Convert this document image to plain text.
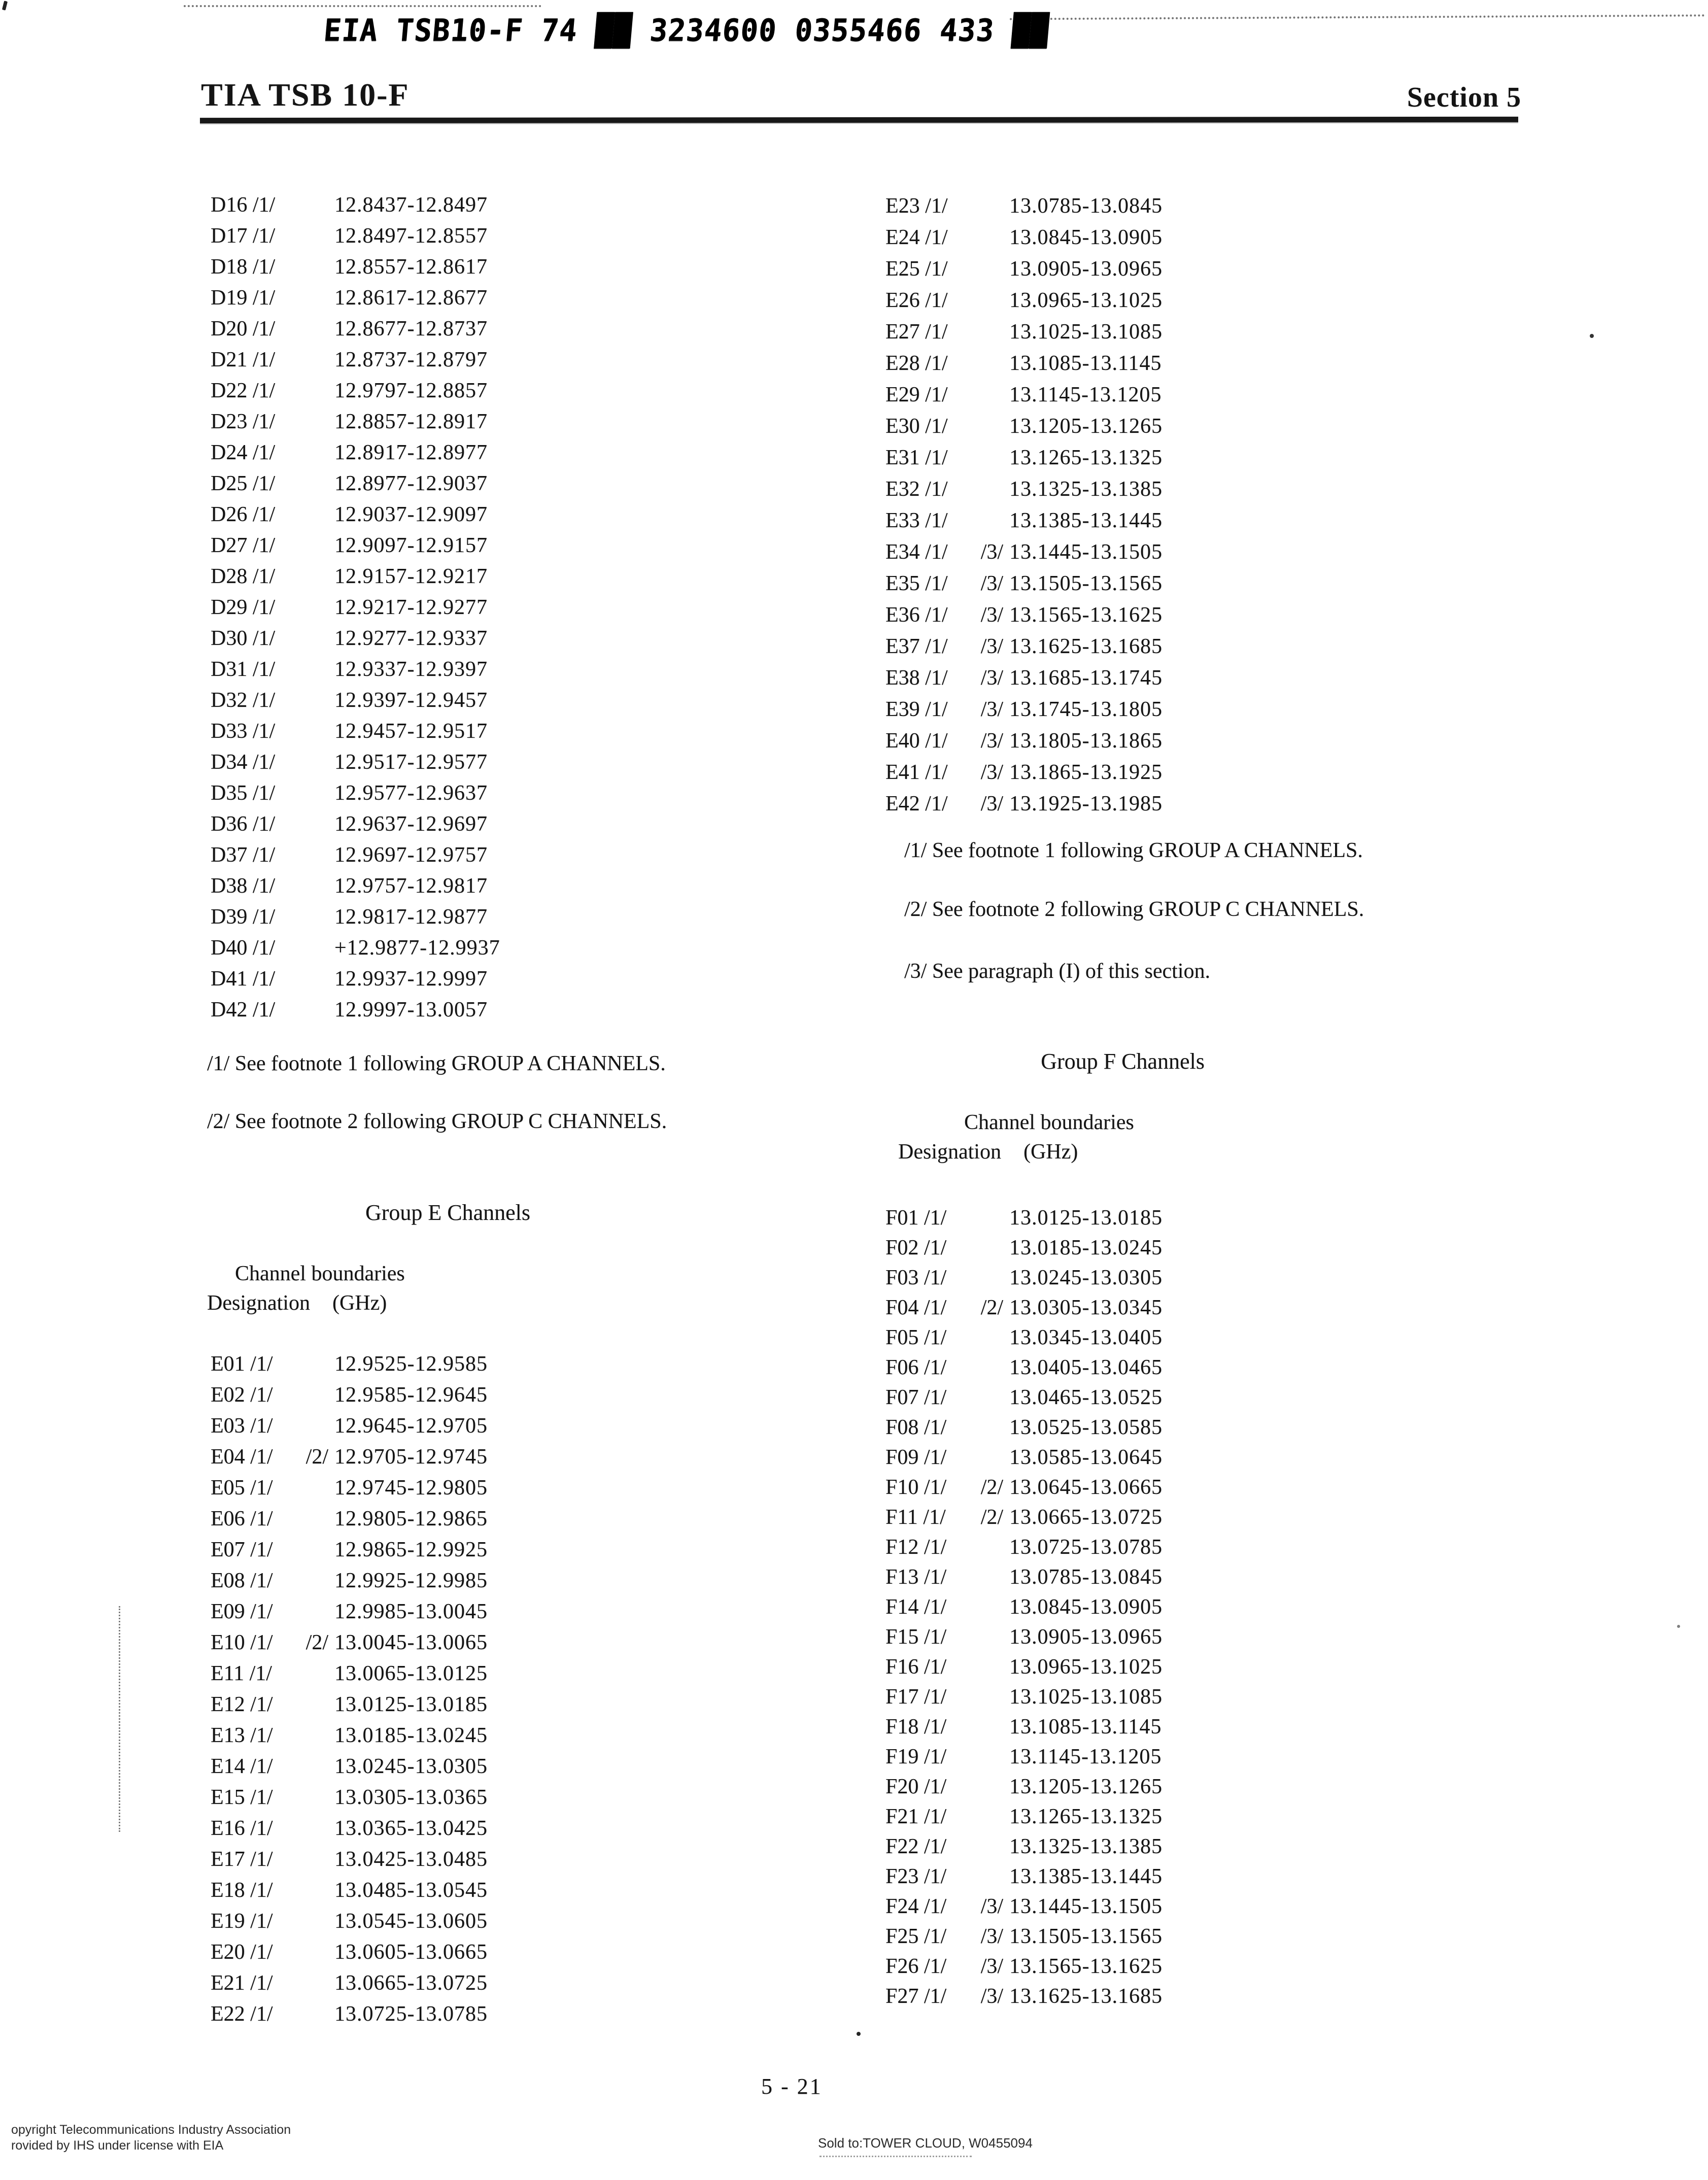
EIA TSB10-F 74 ██ 3234600 0355466 433 ██
TIA TSB 10-F	Section 5
D16 /1/	12.8437-12.8497
D17 /1/	12.8497-12.8557
D18 /1/	12.8557-12.8617
D19 /1/	12.8617-12.8677
D20 /1/	12.8677-12.8737
D21 /1/	12.8737-12.8797
D22 /1/	12.9797-12.8857
D23 /1/	12.8857-12.8917
D24 /1/	12.8917-12.8977
D25 /1/	12.8977-12.9037
D26 /1/	12.9037-12.9097
D27 /1/	12.9097-12.9157
D28 /1/	12.9157-12.9217
D29 /1/	12.9217-12.9277
D30 /1/	12.9277-12.9337
D31 /1/	12.9337-12.9397
D32 /1/	12.9397-12.9457
D33 /1/	12.9457-12.9517
D34 /1/	12.9517-12.9577
D35 /1/	12.9577-12.9637
D36 /1/	12.9637-12.9697
D37 /1/	12.9697-12.9757
D38 /1/	12.9757-12.9817
D39 /1/	12.9817-12.9877
D40 /1/	+12.9877-12.9937
D41 /1/	12.9937-12.9997
D42 /1/	12.9997-13.0057
/1/ See footnote 1 following GROUP A CHANNELS.
/2/ See footnote 2 following GROUP C CHANNELS.
Group E Channels
Channel boundaries
Designation (GHz)
E01 /1/	12.9525-12.9585
E02 /1/	12.9585-12.9645
E03 /1/	12.9645-12.9705
E04 /1/	/2/ 12.9705-12.9745
E05 /1/	12.9745-12.9805
E06 /1/	12.9805-12.9865
E07 /1/	12.9865-12.9925
E08 /1/	12.9925-12.9985
E09 /1/	12.9985-13.0045
E10 /1/	/2/ 13.0045-13.0065
E11 /1/	13.0065-13.0125
E12 /1/	13.0125-13.0185
E13 /1/	13.0185-13.0245
E14 /1/	13.0245-13.0305
E15 /1/	13.0305-13.0365
E16 /1/	13.0365-13.0425
E17 /1/	13.0425-13.0485
E18 /1/	13.0485-13.0545
E19 /1/	13.0545-13.0605
E20 /1/	13.0605-13.0665
E21 /1/	13.0665-13.0725
E22 /1/	13.0725-13.0785
E23 /1/	13.0785-13.0845
E24 /1/	13.0845-13.0905
E25 /1/	13.0905-13.0965
E26 /1/	13.0965-13.1025
E27 /1/	13.1025-13.1085
E28 /1/	13.1085-13.1145
E29 /1/	13.1145-13.1205
E30 /1/	13.1205-13.1265
E31 /1/	13.1265-13.1325
E32 /1/	13.1325-13.1385
E33 /1/	13.1385-13.1445
E34 /1/	/3/ 13.1445-13.1505
E35 /1/	/3/ 13.1505-13.1565
E36 /1/	/3/ 13.1565-13.1625
E37 /1/	/3/ 13.1625-13.1685
E38 /1/	/3/ 13.1685-13.1745
E39 /1/	/3/ 13.1745-13.1805
E40 /1/	/3/ 13.1805-13.1865
E41 /1/	/3/ 13.1865-13.1925
E42 /1/	/3/ 13.1925-13.1985
/1/ See footnote 1 following GROUP A CHANNELS.
/2/ See footnote 2 following GROUP C CHANNELS.
/3/ See paragraph (I) of this section.
Group F Channels
Channel boundaries
Designation (GHz)
F01 /1/	13.0125-13.0185
F02 /1/	13.0185-13.0245
F03 /1/	13.0245-13.0305
F04 /1/	/2/ 13.0305-13.0345
F05 /1/	13.0345-13.0405
F06 /1/	13.0405-13.0465
F07 /1/	13.0465-13.0525
F08 /1/	13.0525-13.0585
F09 /1/	13.0585-13.0645
F10 /1/	/2/ 13.0645-13.0665
F11 /1/	/2/ 13.0665-13.0725
F12 /1/	13.0725-13.0785
F13 /1/	13.0785-13.0845
F14 /1/	13.0845-13.0905
F15 /1/	13.0905-13.0965
F16 /1/	13.0965-13.1025
F17 /1/	13.1025-13.1085
F18 /1/	13.1085-13.1145
F19 /1/	13.1145-13.1205
F20 /1/	13.1205-13.1265
F21 /1/	13.1265-13.1325
F22 /1/	13.1325-13.1385
F23 /1/	13.1385-13.1445
F24 /1/	/3/ 13.1445-13.1505
F25 /1/	/3/ 13.1505-13.1565
F26 /1/	/3/ 13.1565-13.1625
F27 /1/	/3/ 13.1625-13.1685
5 - 21
opyright Telecommunications Industry Association
rovided by IHS under license with EIA	Sold to:TOWER CLOUD, W0455094
